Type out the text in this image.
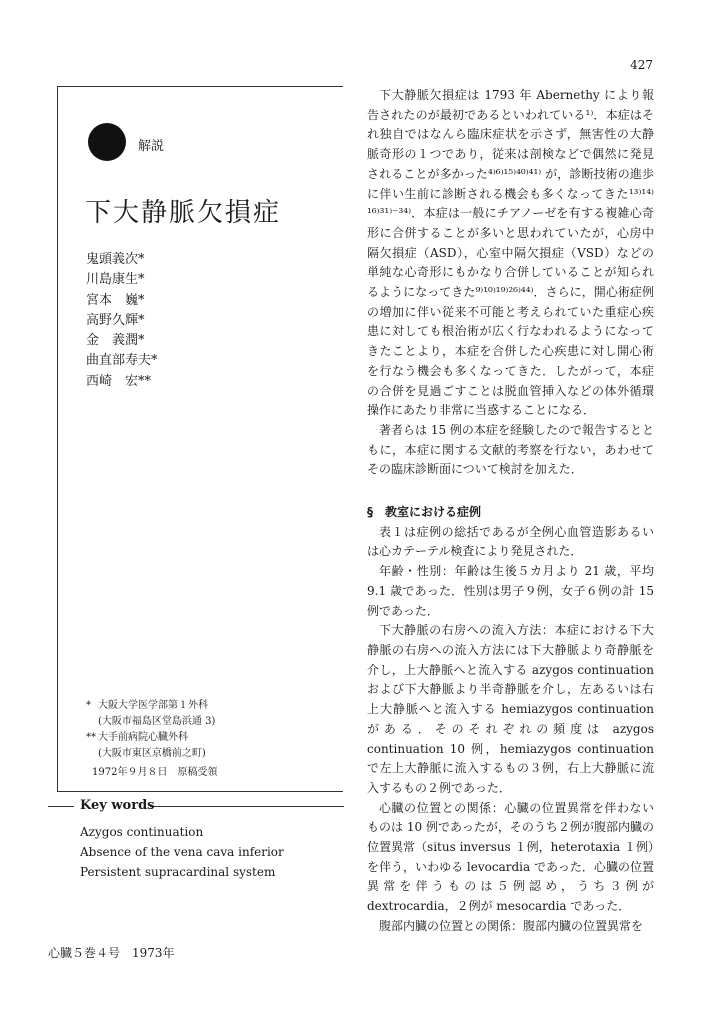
427
解説
下大静脈欠損症
鬼頭義次*
川島康生*
宮本　巍*
高野久輝*
金　義潤*
曲直部寿夫*
西崎　宏**
* 大阪大学医学部第１外科
(大阪市福島区堂島浜通 3)
** 大手前病院心臓外科
(大阪市東区京橋前之町)
1972年９月８日　原稿受領
Key words
Azygos continuation
Absence of the vena cava inferior
Persistent supracardinal system
心臓５巻４号　1973年

下大静脈欠損症は 1793 年 Abernethy により報告されたのが最初であるといわれている¹⁾．本症はそれ独自ではなんら臨床症状を示さず，無害性の大静脈奇形の１つであり，従来は剖検などで偶然に発見されることが多かった⁴⁾⁶⁾¹⁵⁾⁴⁰⁾⁴¹⁾ が，診断技術の進歩に伴い生前に診断される機会も多くなってきた¹³⁾¹⁴⁾¹⁶⁾³¹⁾⁻³⁴⁾．本症は一般にチアノーゼを有する複雑心奇形に合併することが多いと思われていたが，心房中隔欠損症（ASD），心室中隔欠損症（VSD）などの単純な心奇形にもかなり合併していることが知られるようになってきた⁹⁾¹⁰⁾¹⁹⁾²⁶⁾⁴⁴⁾．さらに，開心術症例の増加に伴い従来不可能と考えられていた重症心疾患に対しても根治術が広く行なわれるようになってきたことより，本症を合併した心疾患に対し開心術を行なう機会も多くなってきた．したがって，本症の合併を見過ごすことは脱血管挿入などの体外循環操作にあたり非常に当惑することになる．

著者らは 15 例の本症を経験したので報告するとともに，本症に関する文献的考察を行ない，あわせてその臨床診断面について検討を加えた．

§　教室における症例

表１は症例の総括であるが全例心血管造影あるいは心カテーテル検査により発見された．

年齢・性別：年齢は生後５カ月より 21 歳，平均 9.1 歳であった．性別は男子９例，女子６例の計 15 例であった．

下大静脈の右房への流入方法：本症における下大静脈の右房への流入方法には下大静脈より奇静脈を介し，上大静脈へと流入する azygos continuation および下大静脈より半奇静脈を介し，左あるいは右上大静脈へと流入する hemiazygos continuation がある．そのそれぞれの頻度は azygos continuation 10 例，hemiazygos continuation で左上大静脈に流入するもの３例，右上大静脈に流入するもの２例であった．

心臓の位置との関係：心臓の位置異常を伴わないものは 10 例であったが，そのうち２例が腹部内臓の位置異常（situs inversus １例，heterotaxia １例）を伴う，いわゆる levocardia であった．心臓の位置異常を伴うものは５例認め，うち３例が dextrocardia，２例が mesocardia であった．

腹部内臓の位置との関係：腹部内臓の位置異常を
